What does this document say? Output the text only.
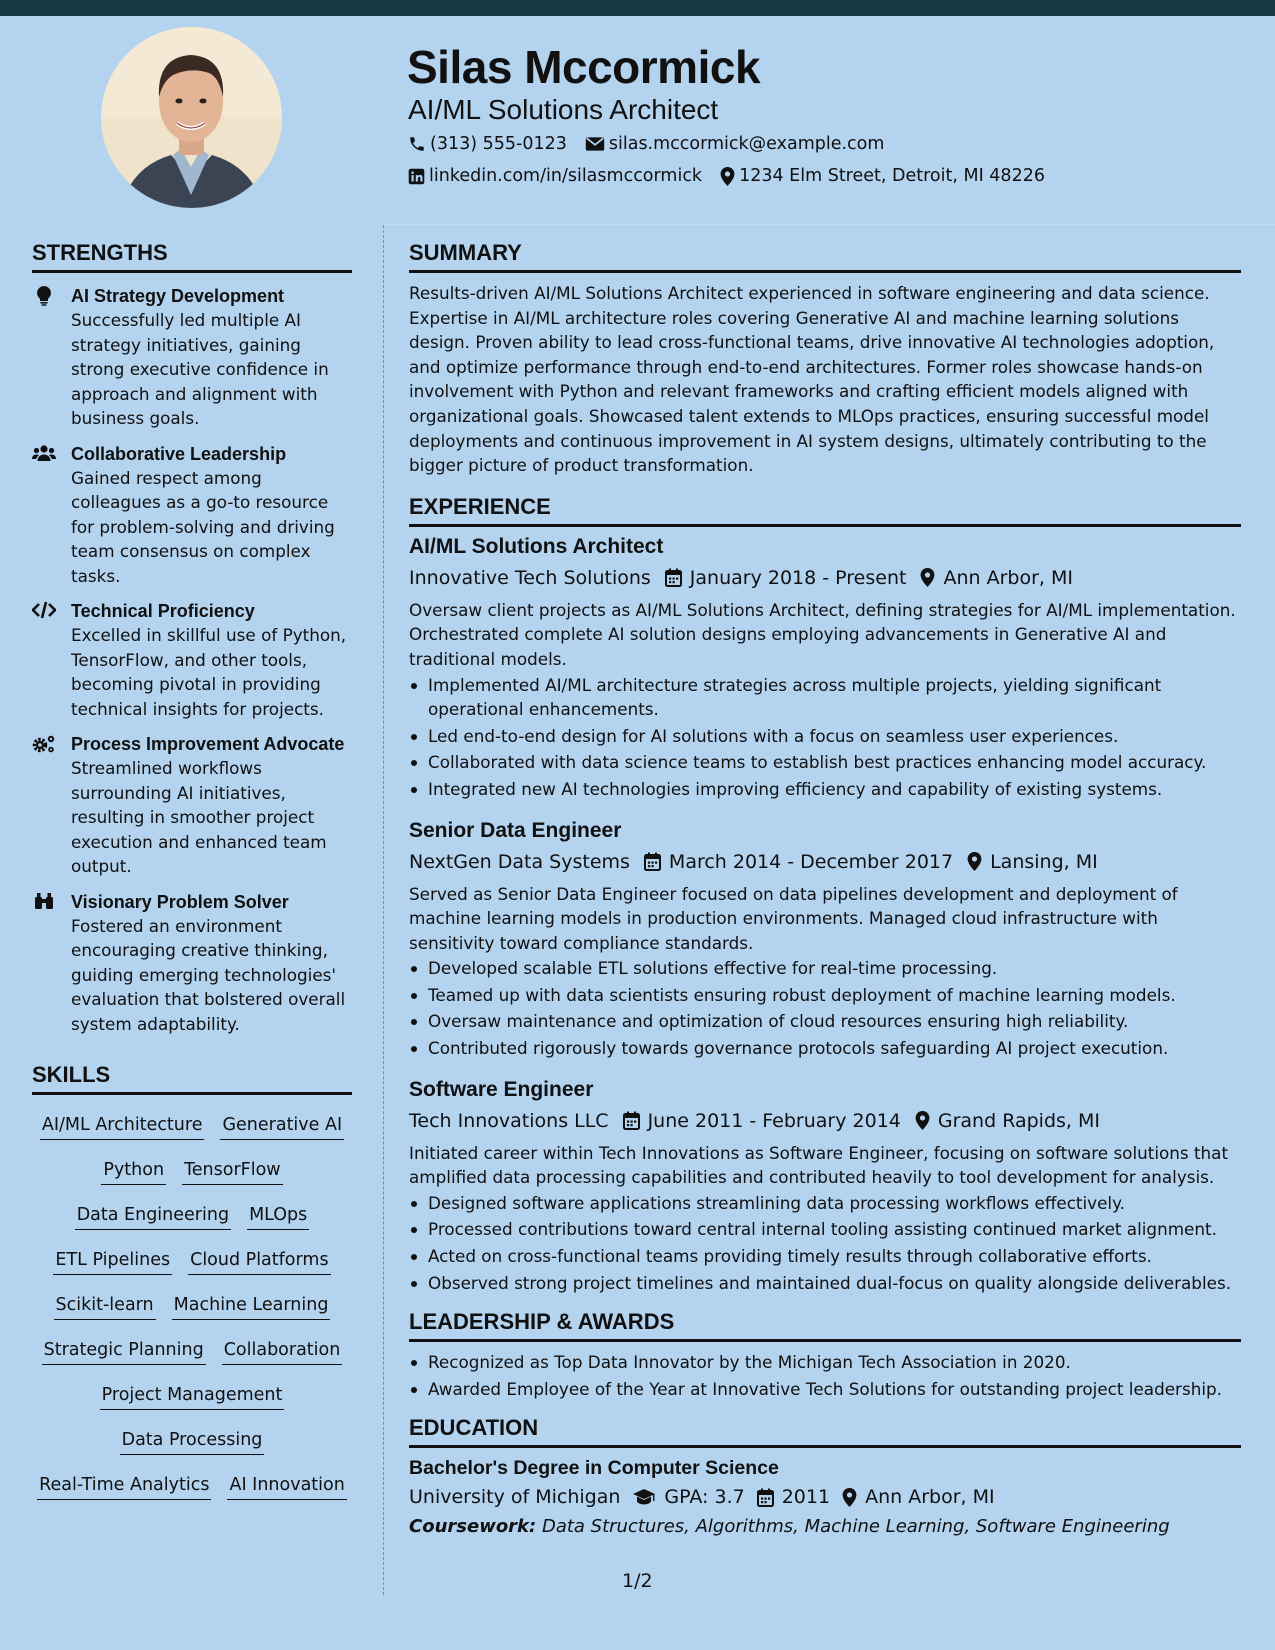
Silas Mccormick
AI/ML Solutions Architect
(313) 555-0123 silas.mccormick@example.com
linkedin.com/in/silasmccormick 1234 Elm Street, Detroit, MI 48226
STRENGTHS
AI Strategy Development
Successfully led multiple AI strategy initiatives, gaining strong executive confidence in approach and alignment with business goals.
Collaborative Leadership
Gained respect among colleagues as a go-to resource for problem-solving and driving team consensus on complex tasks.
Technical Proficiency
Excelled in skillful use of Python, TensorFlow, and other tools, becoming pivotal in providing technical insights for projects.
Process Improvement Advocate
Streamlined workflows surrounding AI initiatives, resulting in smoother project execution and enhanced team output.
Visionary Problem Solver
Fostered an environment encouraging creative thinking, guiding emerging technologies' evaluation that bolstered overall system adaptability.
SKILLS
AI/ML Architecture Generative AI
Python TensorFlow
Data Engineering MLOps
ETL Pipelines Cloud Platforms
Scikit-learn Machine Learning
Strategic Planning Collaboration
Project Management
Data Processing
Real-Time Analytics AI Innovation
SUMMARY
Results-driven AI/ML Solutions Architect experienced in software engineering and data science. Expertise in AI/ML architecture roles covering Generative AI and machine learning solutions design. Proven ability to lead cross-functional teams, drive innovative AI technologies adoption, and optimize performance through end-to-end architectures. Former roles showcase hands-on involvement with Python and relevant frameworks and crafting efficient models aligned with organizational goals. Showcased talent extends to MLOps practices, ensuring successful model deployments and continuous improvement in AI system designs, ultimately contributing to the bigger picture of product transformation.
EXPERIENCE
AI/ML Solutions Architect
Innovative Tech Solutions January 2018 - Present Ann Arbor, MI
Oversaw client projects as AI/ML Solutions Architect, defining strategies for AI/ML implementation. Orchestrated complete AI solution designs employing advancements in Generative AI and traditional models.
Implemented AI/ML architecture strategies across multiple projects, yielding significant operational enhancements.
Led end-to-end design for AI solutions with a focus on seamless user experiences.
Collaborated with data science teams to establish best practices enhancing model accuracy.
Integrated new AI technologies improving efficiency and capability of existing systems.
Senior Data Engineer
NextGen Data Systems March 2014 - December 2017 Lansing, MI
Served as Senior Data Engineer focused on data pipelines development and deployment of machine learning models in production environments. Managed cloud infrastructure with sensitivity toward compliance standards.
Developed scalable ETL solutions effective for real-time processing.
Teamed up with data scientists ensuring robust deployment of machine learning models.
Oversaw maintenance and optimization of cloud resources ensuring high reliability.
Contributed rigorously towards governance protocols safeguarding AI project execution.
Software Engineer
Tech Innovations LLC June 2011 - February 2014 Grand Rapids, MI
Initiated career within Tech Innovations as Software Engineer, focusing on software solutions that amplified data processing capabilities and contributed heavily to tool development for analysis.
Designed software applications streamlining data processing workflows effectively.
Processed contributions toward central internal tooling assisting continued market alignment.
Acted on cross-functional teams providing timely results through collaborative efforts.
Observed strong project timelines and maintained dual-focus on quality alongside deliverables.
LEADERSHIP & AWARDS
Recognized as Top Data Innovator by the Michigan Tech Association in 2020.
Awarded Employee of the Year at Innovative Tech Solutions for outstanding project leadership.
EDUCATION
Bachelor's Degree in Computer Science
University of Michigan GPA: 3.7 2011 Ann Arbor, MI
Coursework: Data Structures, Algorithms, Machine Learning, Software Engineering
1/2
